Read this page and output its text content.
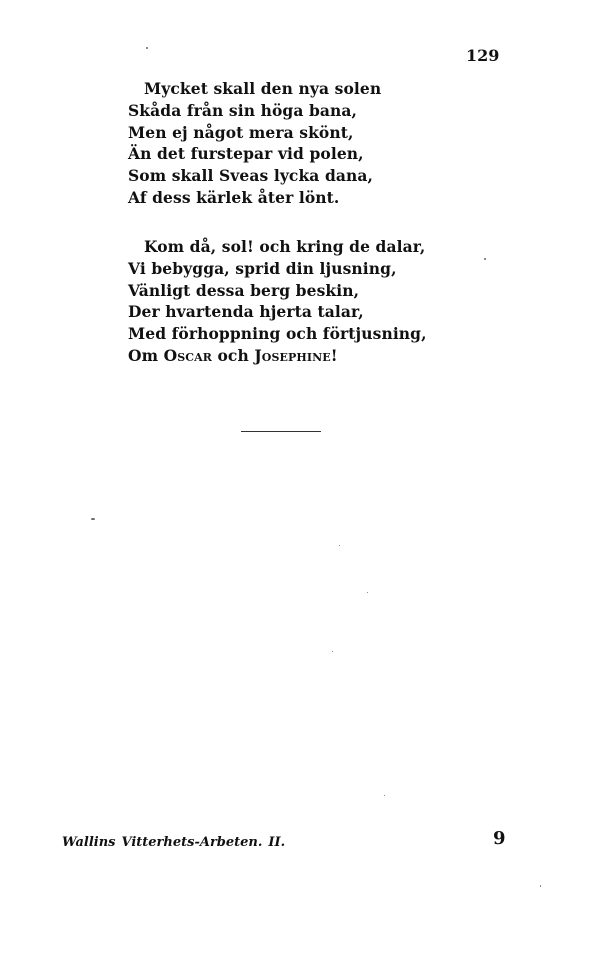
129
Mycket skall den nya solen
Skåda från sin höga bana,
Men ej något mera skönt,
Än det furstepar vid polen,
Som skall Sveas lycka dana,
Af dess kärlek åter lönt.
Kom då, sol! och kring de dalar,
Vi bebygga, sprid din ljusning,
Vänligt dessa berg beskin,
Der hvartenda hjerta talar,
Med förhoppning och förtjusning,
Om Oscar och Josephine!
Wallins Vitterhets-Arbeten. II.	9
